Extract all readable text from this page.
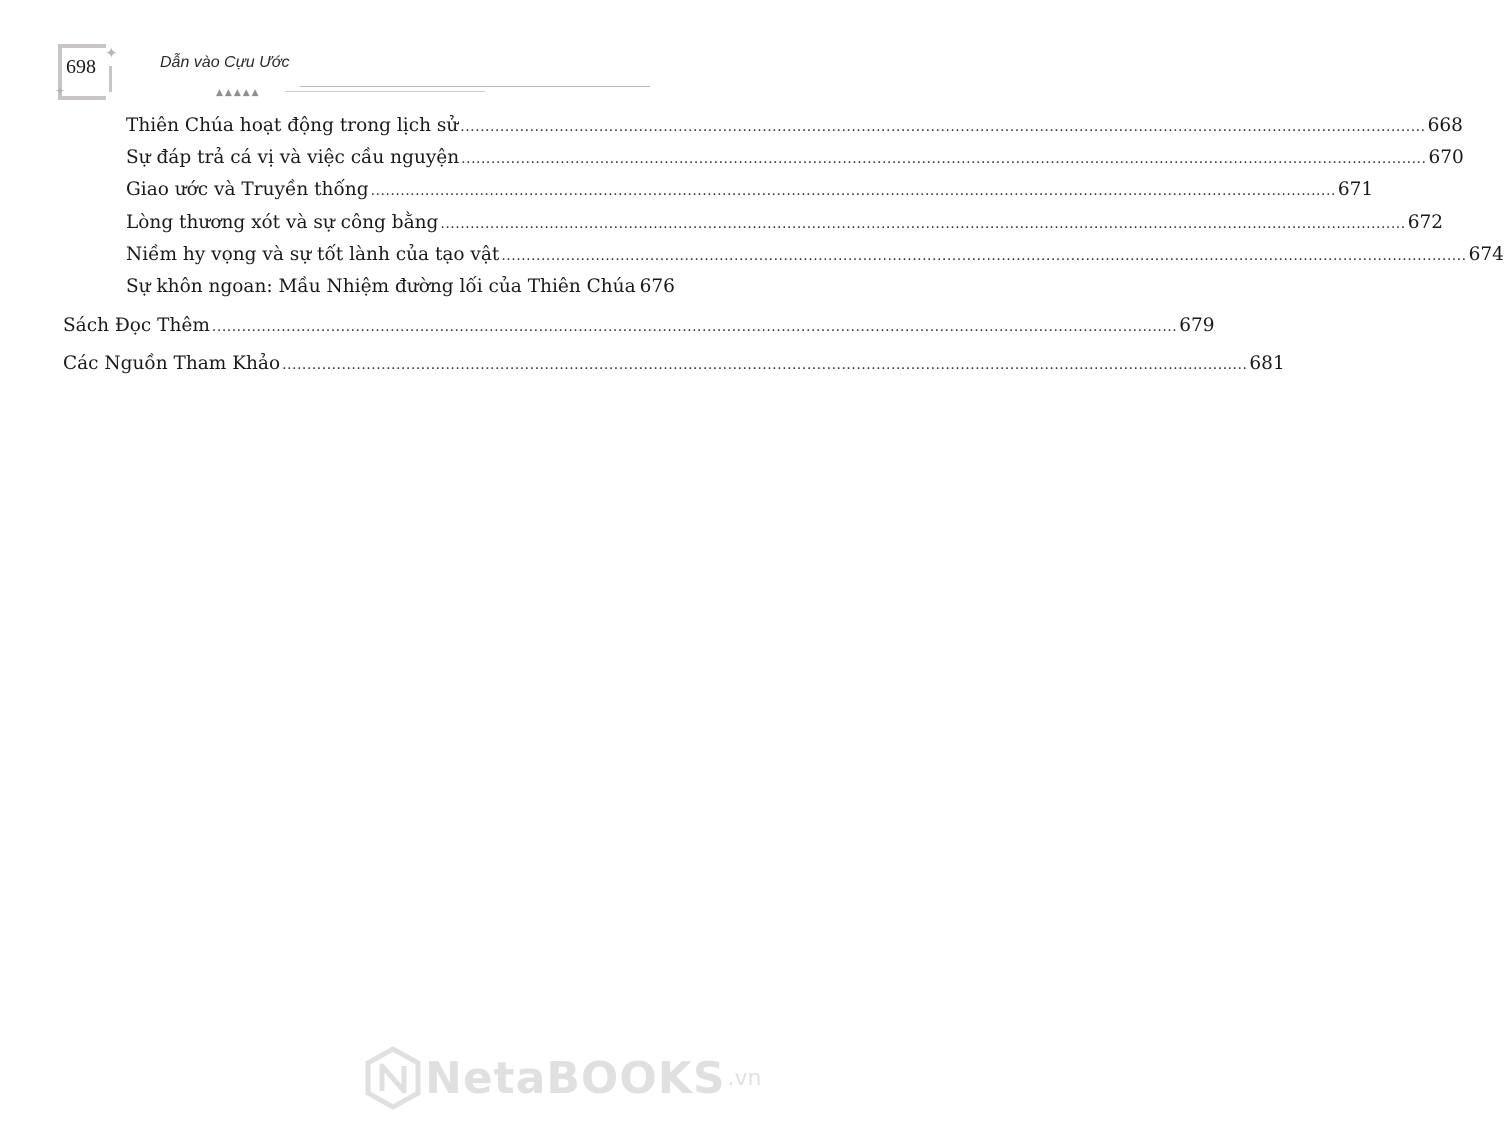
✦
✦
698	Dẫn vào Cựu Ước
▲▲▲▲▲
Thiên Chúa hoạt động trong lịch sử .....	668
Sự đáp trả cá vị và việc cầu nguyện .....	670
Giao ước và Truyền thống .....	671
Lòng thương xót và sự công bằng .....	672
Niềm hy vọng và sự tốt lành của tạo vật .....	674
Sự khôn ngoan: Mầu Nhiệm đường lối của Thiên Chúa 676
Sách Đọc Thêm .....	679
Các Nguồn Tham Khảo .....	681
NetaBOOKS .vn
